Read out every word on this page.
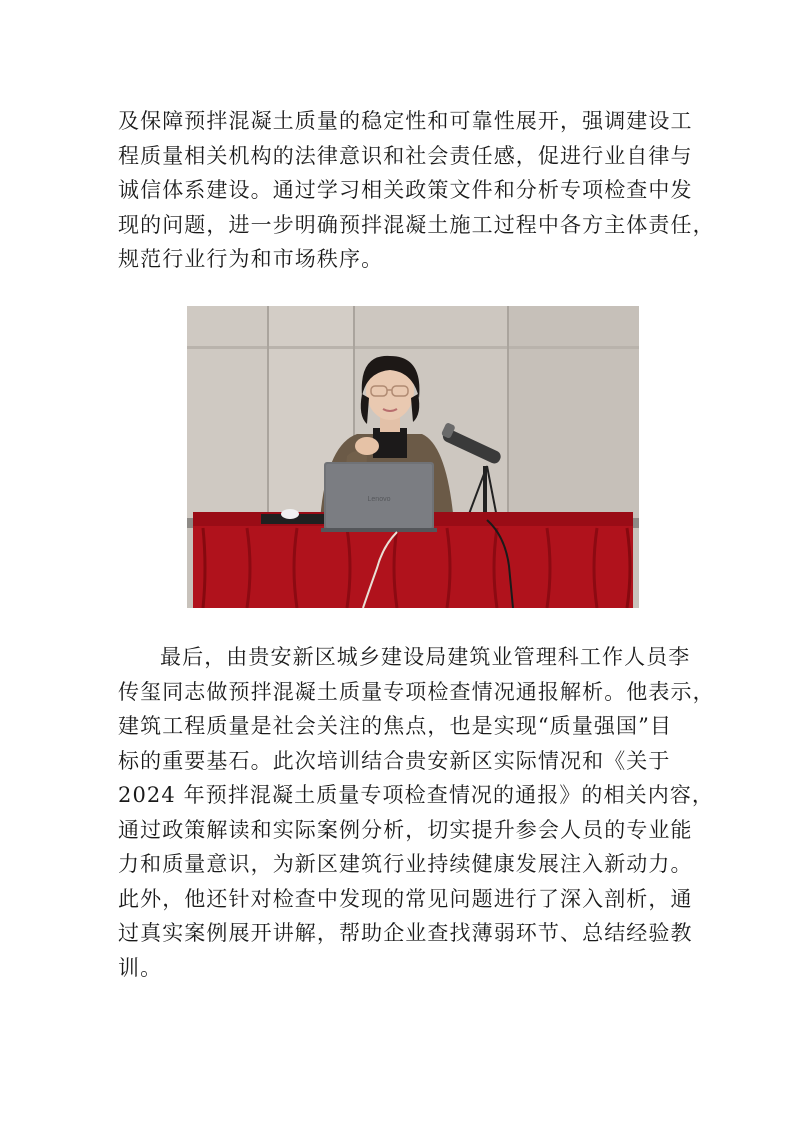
及保障预拌混凝土质量的稳定性和可靠性展开，强调建设工
程质量相关机构的法律意识和社会责任感，促进行业自律与
诚信体系建设。通过学习相关政策文件和分析专项检查中发
现的问题，进一步明确预拌混凝土施工过程中各方主体责任，
规范行业行为和市场秩序。
Lenovo
最后，由贵安新区城乡建设局建筑业管理科工作人员李
传玺同志做预拌混凝土质量专项检查情况通报解析。他表示，
建筑工程质量是社会关注的焦点，也是实现“质量强国”目
标的重要基石。此次培训结合贵安新区实际情况和《关于
2024 年预拌混凝土质量专项检查情况的通报》的相关内容，
通过政策解读和实际案例分析，切实提升参会人员的专业能
力和质量意识，为新区建筑行业持续健康发展注入新动力。
此外，他还针对检查中发现的常见问题进行了深入剖析，通
过真实案例展开讲解，帮助企业查找薄弱环节、总结经验教
训。
